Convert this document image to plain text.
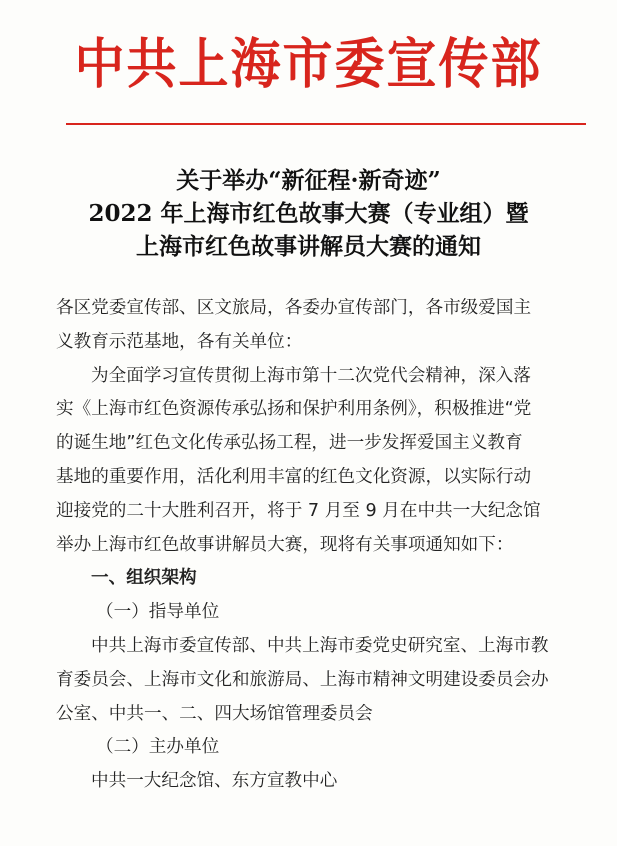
中共上海市委宣传部
关于举办“新征程·新奇迹”
2022 年上海市红色故事大赛（专业组）暨
上海市红色故事讲解员大赛的通知

各区党委宣传部、区文旅局，各委办宣传部门，各市级爱国主

义教育示范基地，各有关单位：

为全面学习宣传贯彻上海市第十二次党代会精神，深入落

实《上海市红色资源传承弘扬和保护利用条例》，积极推进“党

的诞生地”红色文化传承弘扬工程，进一步发挥爱国主义教育

基地的重要作用，活化利用丰富的红色文化资源，以实际行动

迎接党的二十大胜利召开，将于 7 月至 9 月在中共一大纪念馆

举办上海市红色故事讲解员大赛，现将有关事项通知如下：

一、组织架构

（一）指导单位

中共上海市委宣传部、中共上海市委党史研究室、上海市教

育委员会、上海市文化和旅游局、上海市精神文明建设委员会办

公室、中共一、二、四大场馆管理委员会

（二）主办单位

中共一大纪念馆、东方宣教中心
